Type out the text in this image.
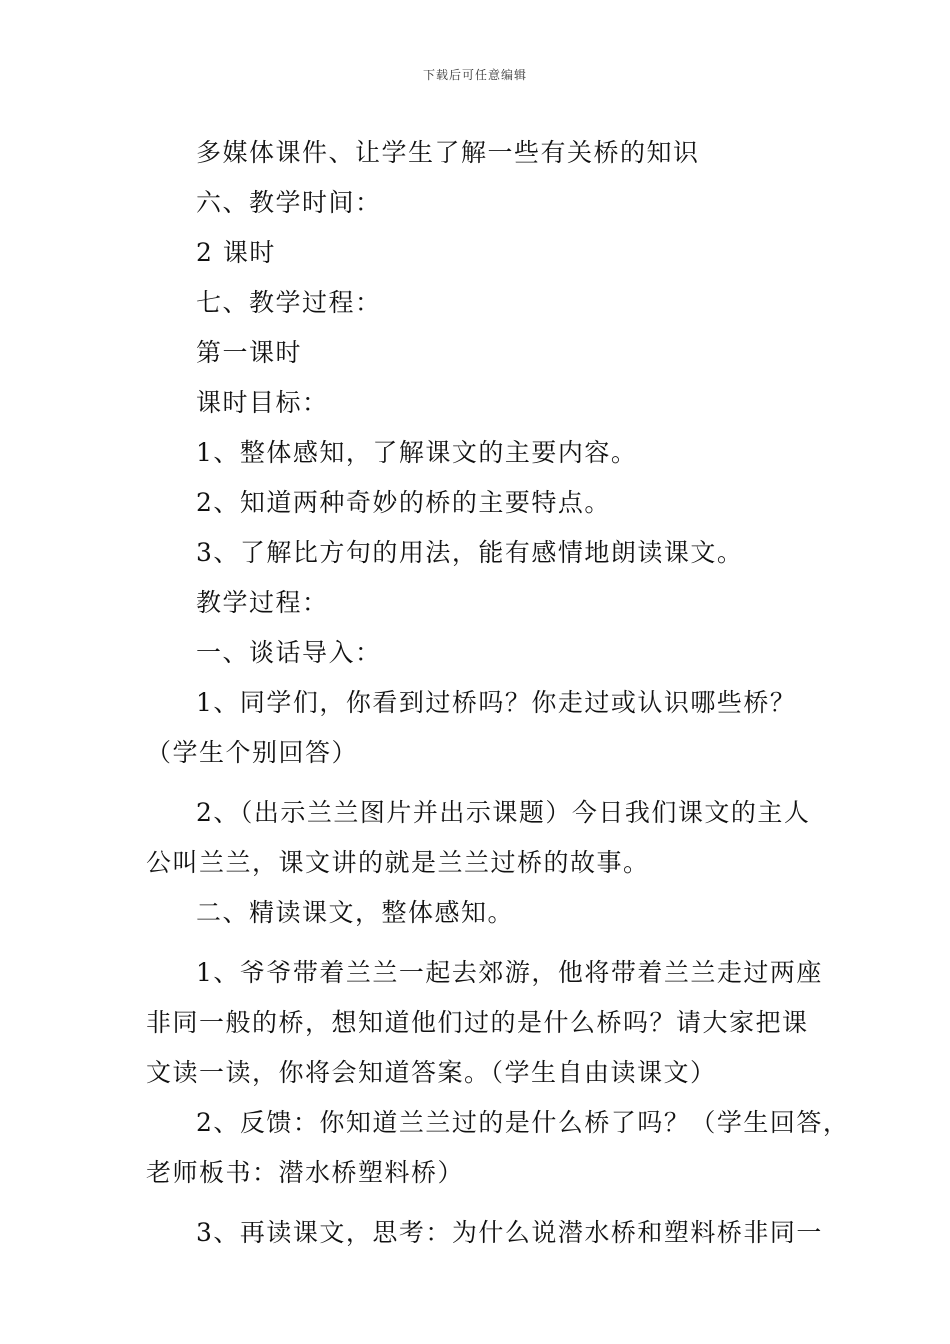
下载后可任意编辑
多媒体课件、让学生了解一些有关桥的知识
六、教学时间：
2 课时
七、教学过程：
第一课时
课时目标：
1、整体感知，了解课文的主要内容。
2、知道两种奇妙的桥的主要特点。
3、了解比方句的用法，能有感情地朗读课文。
教学过程：
一、谈话导入：
1、同学们，你看到过桥吗？你走过或认识哪些桥？
（学生个别回答）
2、（出示兰兰图片并出示课题）今日我们课文的主人
公叫兰兰，课文讲的就是兰兰过桥的故事。
二、精读课文，整体感知。
1、爷爷带着兰兰一起去郊游，他将带着兰兰走过两座
非同一般的桥，想知道他们过的是什么桥吗？请大家把课
文读一读，你将会知道答案。（学生自由读课文）
2、反馈：你知道兰兰过的是什么桥了吗？（学生回答，
老师板书：潜水桥塑料桥）
3、再读课文，思考：为什么说潜水桥和塑料桥非同一
